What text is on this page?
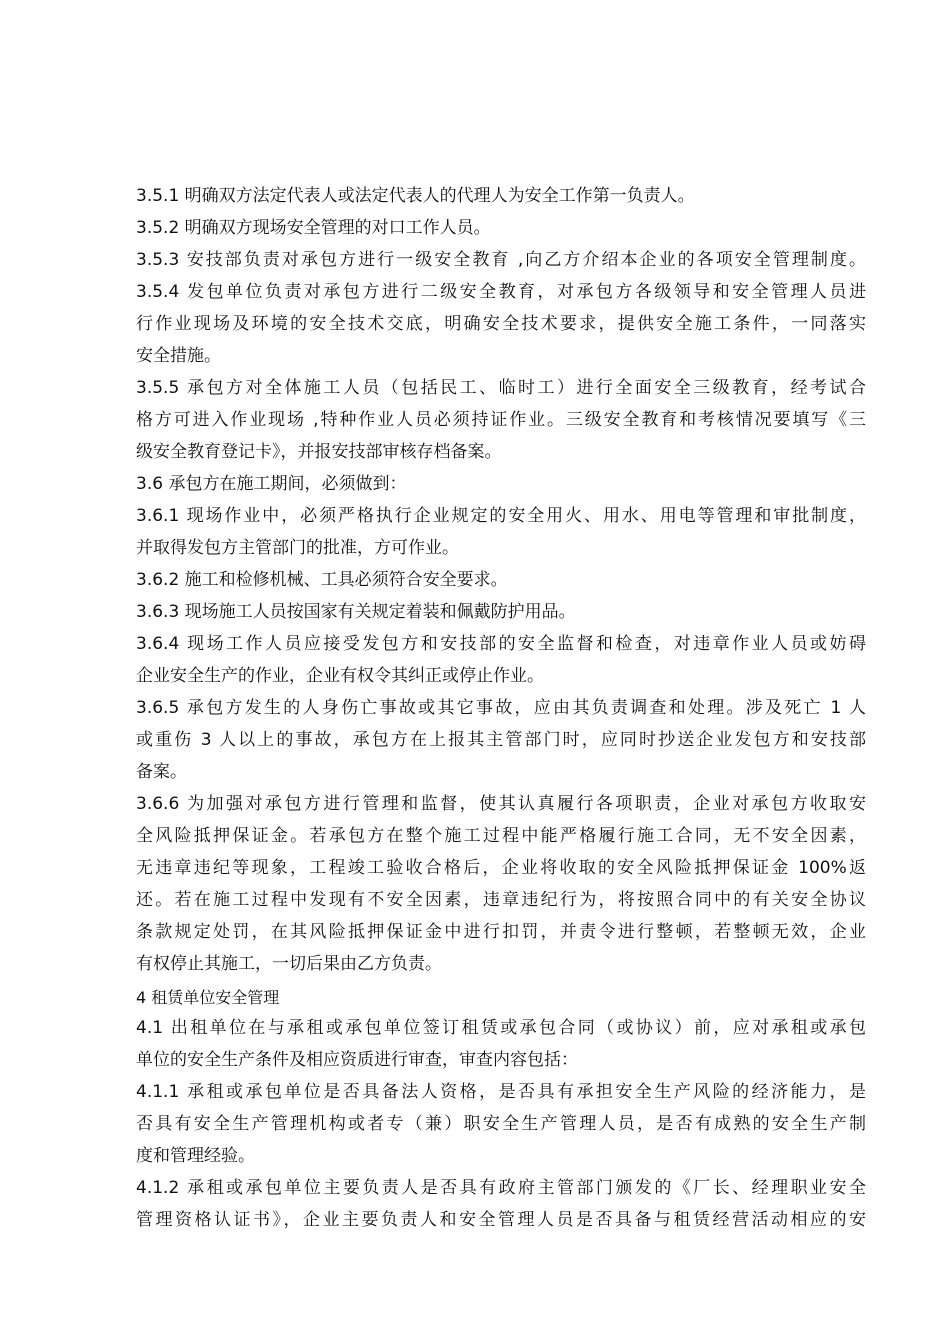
3.5.1 明确双方法定代表人或法定代表人的代理人为安全工作第一负责人。
3.5.2 明确双方现场安全管理的对口工作人员。
3.5.3 安技部负责对承包方进行一级安全教育 ,向乙方介绍本企业的各项安全管理制度。
3.5.4 发包单位负责对承包方进行二级安全教育，对承包方各级领导和安全管理人员进
行作业现场及环境的安全技术交底，明确安全技术要求，提供安全施工条件，一同落实
安全措施。
3.5.5 承包方对全体施工人员（包括民工、临时工）进行全面安全三级教育，经考试合
格方可进入作业现场 ,特种作业人员必须持证作业。三级安全教育和考核情况要填写《三
级安全教育登记卡》，并报安技部审核存档备案。
3.6 承包方在施工期间，必须做到：
3.6.1 现场作业中，必须严格执行企业规定的安全用火、用水、用电等管理和审批制度，
并取得发包方主管部门的批准，方可作业。
3.6.2 施工和检修机械、工具必须符合安全要求。
3.6.3 现场施工人员按国家有关规定着装和佩戴防护用品。
3.6.4 现场工作人员应接受发包方和安技部的安全监督和检查，对违章作业人员或妨碍
企业安全生产的作业，企业有权令其纠正或停止作业。
3.6.5 承包方发生的人身伤亡事故或其它事故，应由其负责调查和处理。涉及死亡 1 人
或重伤 3 人以上的事故，承包方在上报其主管部门时，应同时抄送企业发包方和安技部
备案。
3.6.6 为加强对承包方进行管理和监督，使其认真履行各项职责，企业对承包方收取安
全风险抵押保证金。若承包方在整个施工过程中能严格履行施工合同，无不安全因素，
无违章违纪等现象，工程竣工验收合格后，企业将收取的安全风险抵押保证金 100%返
还。若在施工过程中发现有不安全因素，违章违纪行为，将按照合同中的有关安全协议
条款规定处罚，在其风险抵押保证金中进行扣罚，并责令进行整顿，若整顿无效，企业
有权停止其施工，一切后果由乙方负责。
4 租赁单位安全管理
4.1 出租单位在与承租或承包单位签订租赁或承包合同（或协议）前，应对承租或承包
单位的安全生产条件及相应资质进行审查，审查内容包括：
4.1.1 承租或承包单位是否具备法人资格，是否具有承担安全生产风险的经济能力，是
否具有安全生产管理机构或者专（兼）职安全生产管理人员，是否有成熟的安全生产制
度和管理经验。
4.1.2 承租或承包单位主要负责人是否具有政府主管部门颁发的《厂长、经理职业安全
管理资格认证书》，企业主要负责人和安全管理人员是否具备与租赁经营活动相应的安
